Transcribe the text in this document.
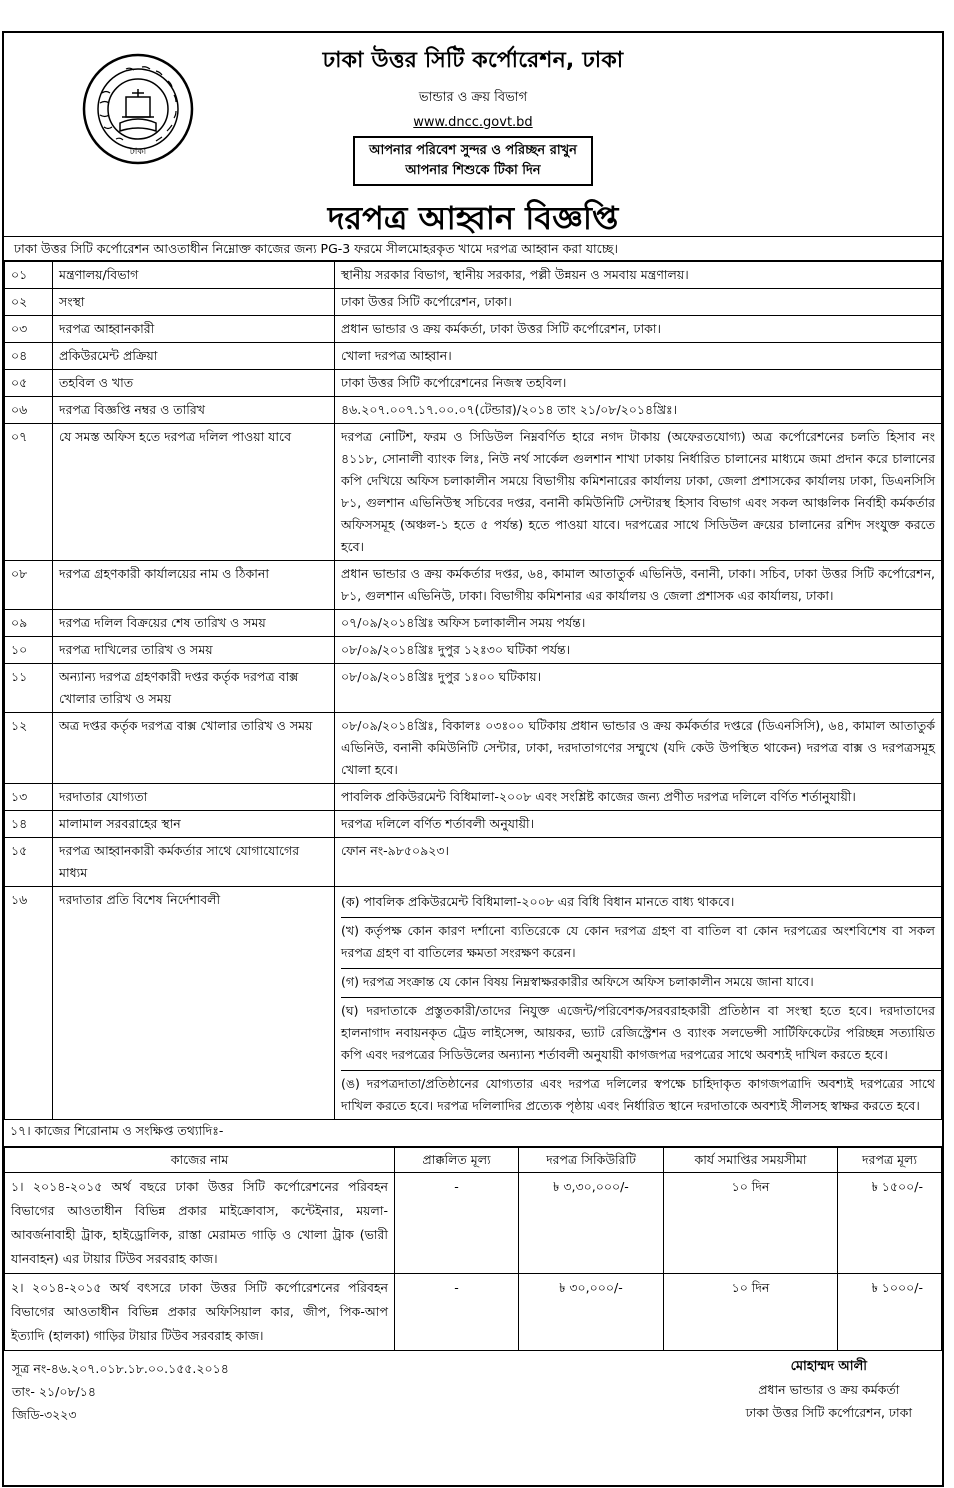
ঢাকা
ঢাকা উত্তর সিটি কর্পোরেশন, ঢাকা
ভান্ডার ও ক্রয় বিভাগ
www.dncc.govt.bd
আপনার পরিবেশ সুন্দর ও পরিচ্ছন রাখুন
আপনার শিশুকে টিকা দিন
দরপত্র আহ্বান বিজ্ঞপ্তি
ঢাকা উত্তর সিটি কর্পোরেশন আওতাধীন নিম্নোক্ত কাজের জন্য PG-3 ফরমে সীলমোহরকৃত খামে দরপত্র আহ্বান করা যাচ্ছে।
০১	মন্ত্রণালয়/বিভাগ	স্থানীয় সরকার বিভাগ, স্থানীয় সরকার, পল্লী উন্নয়ন ও সমবায় মন্ত্রণালয়।
০২	সংস্থা	ঢাকা উত্তর সিটি কর্পোরেশন, ঢাকা।
০৩	দরপত্র আহ্বানকারী	প্রধান ভান্ডার ও ক্রয় কর্মকর্তা, ঢাকা উত্তর সিটি কর্পোরেশন, ঢাকা।
০৪	প্রকিউরমেন্ট প্রক্রিয়া	খোলা দরপত্র আহ্বান।
০৫	তহবিল ও খাত	ঢাকা উত্তর সিটি কর্পোরেশনের নিজস্ব তহবিল।
০৬	দরপত্র বিজ্ঞপ্তি নম্বর ও তারিখ	৪৬.২০৭.০০৭.১৭.০০.০৭(টেন্ডার)/২০১৪ তাং ২১/০৮/২০১৪খ্রিঃ।
০৭	যে সমস্ত অফিস হতে দরপত্র দলিল পাওয়া যাবে	দরপত্র নোটিশ, ফরম ও সিডিউল নিম্নবর্ণিত হারে নগদ টাকায় (অফেরতযোগ্য) অত্র কর্পোরেশনের চলতি হিসাব নং ৪১১৮, সোনালী ব্যাংক লিঃ, নিউ নর্থ সার্কেল গুলশান শাখা ঢাকায় নির্ধারিত চালানের মাধ্যমে জমা প্রদান করে চালানের কপি দেখিয়ে অফিস চলাকালীন সময়ে বিভাগীয় কমিশনারের কার্যালয় ঢাকা, জেলা প্রশাসকের কার্যালয় ঢাকা, ডিএনসিসি ৮১, গুলশান এভিনিউস্থ সচিবের দপ্তর, বনানী কমিউনিটি সেন্টারস্থ হিসাব বিভাগ এবং সকল আঞ্চলিক নির্বাহী কর্মকর্তার অফিসসমূহ (অঞ্চল-১ হতে ৫ পর্যন্ত) হতে পাওয়া যাবে। দরপত্রের সাথে সিডিউল ক্রয়ের চালানের রশিদ সংযুক্ত করতে হবে।
০৮	দরপত্র গ্রহণকারী কার্যালয়ের নাম ও ঠিকানা	প্রধান ভান্ডার ও ক্রয় কর্মকর্তার দপ্তর, ৬৪, কামাল আতাতুর্ক এভিনিউ, বনানী, ঢাকা। সচিব, ঢাকা উত্তর সিটি কর্পোরেশন, ৮১, গুলশান এভিনিউ, ঢাকা। বিভাগীয় কমিশনার এর কার্যালয় ও জেলা প্রশাসক এর কার্যালয়, ঢাকা।
০৯	দরপত্র দলিল বিক্রয়ের শেষ তারিখ ও সময়	০৭/০৯/২০১৪খ্রিঃ অফিস চলাকালীন সময় পর্যন্ত।
১০	দরপত্র দাখিলের তারিখ ও সময়	০৮/০৯/২০১৪খ্রিঃ দুপুর ১২ঃ৩০ ঘটিকা পর্যন্ত।
১১	অন্যান্য দরপত্র গ্রহণকারী দপ্তর কর্তৃক দরপত্র বাক্স খোলার তারিখ ও সময়	০৮/০৯/২০১৪খ্রিঃ দুপুর ১ঃ০০ ঘটিকায়।
১২	অত্র দপ্তর কর্তৃক দরপত্র বাক্স খোলার তারিখ ও সময়	০৮/০৯/২০১৪খ্রিঃ, বিকালঃ ০৩ঃ০০ ঘটিকায় প্রধান ভান্ডার ও ক্রয় কর্মকর্তার দপ্তরে (ডিএনসিসি), ৬৪, কামাল আতাতুর্ক এভিনিউ, বনানী কমিউনিটি সেন্টার, ঢাকা, দরদাতাগণের সম্মুখে (যদি কেউ উপস্থিত থাকেন) দরপত্র বাক্স ও দরপত্রসমূহ খোলা হবে।
১৩	দরদাতার যোগ্যতা	পাবলিক প্রকিউরমেন্ট বিধিমালা-২০০৮ এবং সংশ্লিষ্ট কাজের জন্য প্রণীত দরপত্র দলিলে বর্ণিত শর্তানুযায়ী।
১৪	মালামাল সরবরাহের স্থান	দরপত্র দলিলে বর্ণিত শর্তাবলী অনুযায়ী।
১৫	দরপত্র আহ্বানকারী কর্মকর্তার সাথে যোগাযোগের মাধ্যম	ফোন নং-৯৮৫০৯২৩।
১৬	দরদাতার প্রতি বিশেষ নির্দেশাবলী	(ক) পাবলিক প্রকিউরমেন্ট বিধিমালা-২০০৮ এর বিধি বিধান মানতে বাধ্য থাকবে।
(খ) কর্তৃপক্ষ কোন কারণ দর্শানো ব্যতিরেকে যে কোন দরপত্র গ্রহণ বা বাতিল বা কোন দরপত্রের অংশবিশেষ বা সকল দরপত্র গ্রহণ বা বাতিলের ক্ষমতা সংরক্ষণ করেন।
(গ) দরপত্র সংক্রান্ত যে কোন বিষয় নিম্নস্বাক্ষরকারীর অফিসে অফিস চলাকালীন সময়ে জানা যাবে।
(ঘ) দরদাতাকে প্রস্তুতকারী/তাদের নিযুক্ত এজেন্ট/পরিবেশক/সরবরাহকারী প্রতিষ্ঠান বা সংস্থা হতে হবে। দরদাতাদের হালনাগাদ নবায়নকৃত ট্রেড লাইসেন্স, আয়কর, ভ্যাট রেজিস্ট্রেশন ও ব্যাংক সলভেন্সী সার্টিফিকেটের পরিচ্ছন্ন সত্যায়িত কপি এবং দরপত্রের সিডিউলের অন্যান্য শর্তাবলী অনুযায়ী কাগজপত্র দরপত্রের সাথে অবশ্যই দাখিল করতে হবে।
(ঙ) দরপত্রদাতা/প্রতিষ্ঠানের যোগ্যতার এবং দরপত্র দলিলের স্বপক্ষে চাহিদাকৃত কাগজপত্রাদি অবশ্যই দরপত্রের সাথে দাখিল করতে হবে। দরপত্র দলিলাদির প্রত্যেক পৃষ্ঠায় এবং নির্ধারিত স্থানে দরদাতাকে অবশ্যই সীলসহ স্বাক্ষর করতে হবে।
১৭। কাজের শিরোনাম ও সংক্ষিপ্ত তথ্যাদিঃ-
কাজের নাম	প্রাক্কলিত মূল্য	দরপত্র সিকিউরিটি	কার্য সমাপ্তির সময়সীমা	দরপত্র মূল্য
১। ২০১৪-২০১৫ অর্থ বছরে ঢাকা উত্তর সিটি কর্পোরেশনের পরিবহন বিভাগের আওতাধীন বিভিন্ন প্রকার মাইক্রোবাস, কন্টেইনার, ময়লা-আবর্জনাবাহী ট্রাক, হাইড্রোলিক, রাস্তা মেরামত গাড়ি ও খোলা ট্রাক (ভারী যানবাহন) এর টায়ার টিউব সরবরাহ কাজ।	-	৳ ৩,৩০,০০০/-	১০ দিন	৳ ১৫০০/-
২। ২০১৪-২০১৫ অর্থ বৎসরে ঢাকা উত্তর সিটি কর্পোরেশনের পরিবহন বিভাগের আওতাধীন বিভিন্ন প্রকার অফিসিয়াল কার, জীপ, পিক-আপ ইত্যাদি (হালকা) গাড়ির টায়ার টিউব সরবরাহ কাজ।	-	৳ ৩০,০০০/-	১০ দিন	৳ ১০০০/-
সূত্র নং-৪৬.২০৭.০১৮.১৮.০০.১৫৫.২০১৪
তাং- ২১/০৮/১৪
জিডি-৩২২৩
মোহাম্মদ আলী
প্রধান ভান্ডার ও ক্রয় কর্মকর্তা
ঢাকা উত্তর সিটি কর্পোরেশন, ঢাকা
